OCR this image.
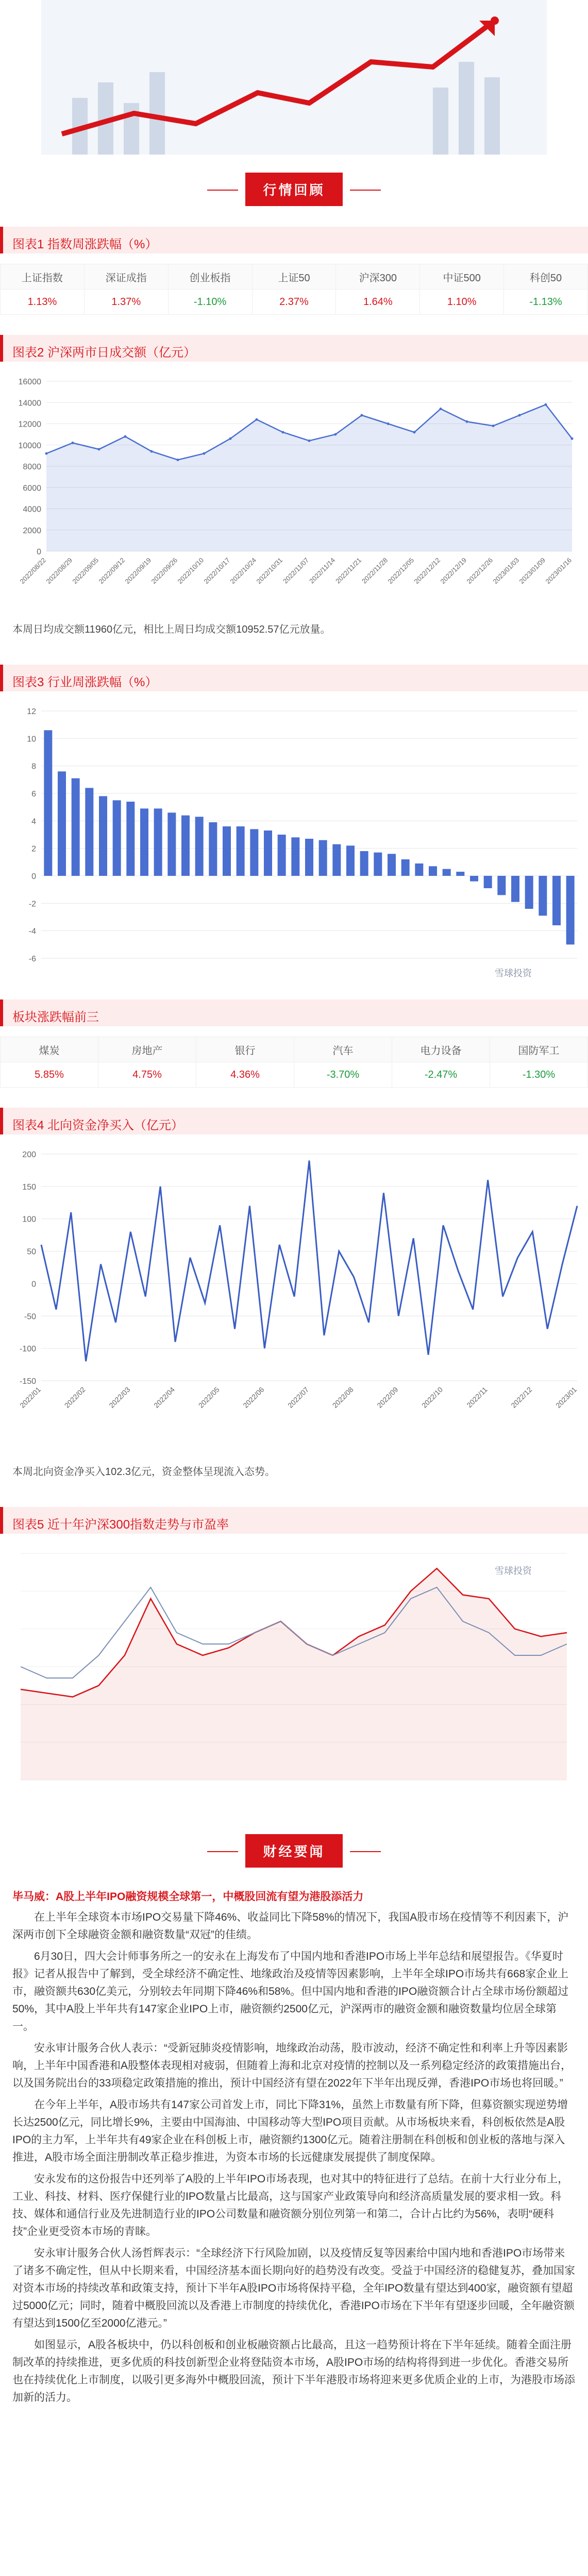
行情回顾
图表1 指数周涨跌幅（%）
上证指数	深证成指	创业板指	上证50	沪深300	中证500	科创50
1.13%	1.37%	-1.10%	2.37%	1.64%	1.10%	-1.13%
图表2 沪深两市日成交额（亿元）
0
2000
4000
6000
8000
10000
12000
14000
16000
2022/08/22
2022/08/29
2022/09/05
2022/09/12
2022/09/19
2022/09/26
2022/10/10
2022/10/17
2022/10/24
2022/10/31
2022/11/07
2022/11/14
2022/11/21
2022/11/28
2022/12/05
2022/12/12
2022/12/19
2022/12/26
2023/01/03
2023/01/09
2023/01/16
本周日均成交额11960亿元，相比上周日均成交额10952.57亿元放量。
图表3 行业周涨跌幅（%）
-6
-4
-2
0
2
4
6
8
10
12
雪球投资
板块涨跌幅前三
煤炭	房地产	银行	汽车	电力设备	国防军工
5.85%	4.75%	4.36%	-3.70%	-2.47%	-1.30%
图表4 北向资金净买入（亿元）
-150
-100
-50
0
50
100
150
200
2022/01	2022/02	2022/03	2022/04	2022/05	2022/06	2022/07	2022/08	2022/09	2022/10	2022/11	2022/12	2023/01
本周北向资金净买入102.3亿元，资金整体呈现流入态势。
图表5 近十年沪深300指数走势与市盈率
雪球投资
财经要闻
毕马威：A股上半年IPO融资规模全球第一，中概股回流有望为港股添活力

在上半年全球资本市场IPO交易量下降46%、收益同比下降58%的情况下，我国A股市场在疫情等不利因素下，沪深两市创下全球融资金额和融资数量“双冠”的佳绩。

6月30日，四大会计师事务所之一的安永在上海发布了中国内地和香港IPO市场上半年总结和展望报告。《华夏时报》记者从报告中了解到，受全球经济不确定性、地缘政治及疫情等因素影响，上半年全球IPO市场共有668家企业上市，融资额共630亿美元，分别较去年同期下降46%和58%。但中国内地和香港的IPO融资额合计占全球市场份额超过50%，其中A股上半年共有147家企业IPO上市，融资额约2500亿元，沪深两市的融资金额和融资数量均位居全球第一。

安永审计服务合伙人表示：“受新冠肺炎疫情影响，地缘政治动荡，股市波动，经济不确定性和利率上升等因素影响，上半年中国香港和A股整体表现相对疲弱，但随着上海和北京对疫情的控制以及一系列稳定经济的政策措施出台，以及国务院出台的33项稳定政策措施的推出，预计中国经济有望在2022年下半年出现反弹，香港IPO市场也将回暖。”

在今年上半年，A股市场共有147家公司首发上市，同比下降31%，虽然上市数量有所下降，但募资额实现逆势增长达2500亿元，同比增长9%，主要由中国海油、中国移动等大型IPO项目贡献。从市场板块来看，科创板依然是A股IPO的主力军，上半年共有49家企业在科创板上市，融资额约1300亿元。随着注册制在科创板和创业板的落地与深入推进，A股市场全面注册制改革正稳步推进，为资本市场的长远健康发展提供了制度保障。

安永发布的这份报告中还列举了A股的上半年IPO市场表现，也对其中的特征进行了总结。在前十大行业分布上，工业、科技、材料、医疗保健行业的IPO数量占比最高，这与国家产业政策导向和经济高质量发展的要求相一致。科技、媒体和通信行业及先进制造行业的IPO公司数量和融资额分别位列第一和第二，合计占比约为56%，表明“硬科技”企业更受资本市场的青睐。

安永审计服务合伙人汤哲辉表示：“全球经济下行风险加剧，以及疫情反复等因素给中国内地和香港IPO市场带来了诸多不确定性，但从中长期来看，中国经济基本面长期向好的趋势没有改变。受益于中国经济的稳健复苏，叠加国家对资本市场的持续改革和政策支持，预计下半年A股IPO市场将保持平稳，全年IPO数量有望达到400家，融资额有望超过5000亿元；同时，随着中概股回流以及香港上市制度的持续优化，香港IPO市场在下半年有望逐步回暖，全年融资额有望达到1500亿至2000亿港元。”

如图显示，A股各板块中，仍以科创板和创业板融资额占比最高，且这一趋势预计将在下半年延续。随着全面注册制改革的持续推进，更多优质的科技创新型企业将登陆资本市场，A股IPO市场的结构将得到进一步优化。香港交易所也在持续优化上市制度，以吸引更多海外中概股回流，预计下半年港股市场将迎来更多优质企业的上市，为港股市场添加新的活力。
